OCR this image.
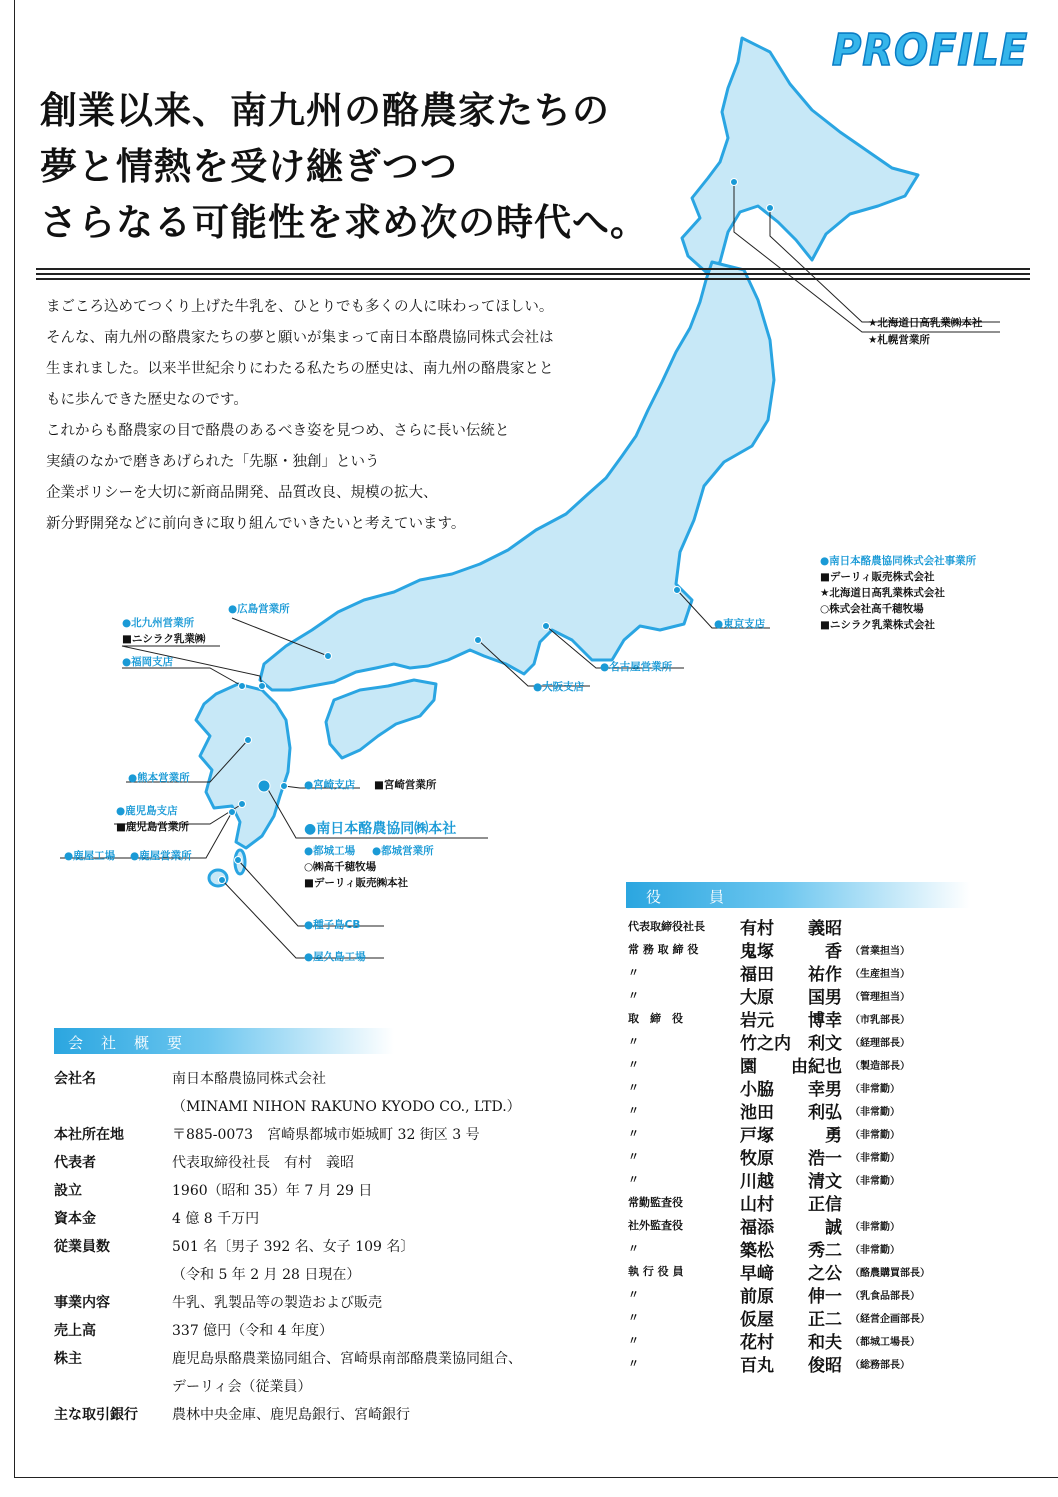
PROFILE
創業以来、南九州の酪農家たちの
夢と情熱を受け継ぎつつ
さらなる可能性を求め次の時代へ。
まごころ込めてつくり上げた牛乳を、ひとりでも多くの人に味わってほしい。
そんな、南九州の酪農家たちの夢と願いが集まって南日本酪農協同株式会社は
生まれました。以来半世紀余りにわたる私たちの歴史は、南九州の酪農家とと
もに歩んできた歴史なのです。
これからも酪農家の目で酪農のあるべき姿を見つめ、さらに長い伝統と
実績のなかで磨きあげられた「先駆・独創」という
企業ポリシーを大切に新商品開発、品質改良、規模の拡大、
新分野開発などに前向きに取り組んでいきたいと考えています。
★北海道日高乳業㈱本社
★札幌営業所
●南日本酪農協同株式会社事業所
■デーリィ販売株式会社
★北海道日高乳業株式会社
○株式会社高千穂牧場
■ニシラク乳業株式会社
●東京支店
●名古屋営業所
●大阪支店
●広島営業所
●北九州営業所
■ニシラク乳業㈱
●福岡支店
●熊本営業所
●宮崎支店 ■宮崎営業所
●南日本酪農協同㈱本社
●都城工場 ●都城営業所
○㈱高千穂牧場
■デーリィ販売㈱本社
●鹿児島支店
■鹿児島営業所
●鹿屋工場 ●鹿屋営業所
●種子島CB
●屋久島工場
役員
代表取締役社長 有村　　義昭
常 務 取 締 役 鬼塚　　　香 （営業担当）
〃	福田　　祐作 （生産担当）
〃	大原　　国男 （管理担当）
取　締　役	岩元　　博幸 （市乳部長）
〃	竹之内　利文 （経理部長）
〃	園　　由紀也 （製造部長）
〃	小脇　　幸男 （非常勤）
〃	池田　　利弘 （非常勤）
〃	戸塚　　　勇 （非常勤）
〃	牧原　　浩一 （非常勤）
〃	川越　　清文 （非常勤）
常勤監査役	山村　　正信
社外監査役	福添　　　誠 （非常勤）
〃	築松　　秀二 （非常勤）
執 行 役 員	早﨑　　之公 （酪農購買部長）
〃	前原　　伸一 （乳食品部長）
〃	仮屋　　正二 （経営企画部長）
〃	花村　　和夫 （都城工場長）
〃	百丸　　俊昭 （総務部長）
会社概要
会社名	南日本酪農協同株式会社
（MINAMI NIHON RAKUNO KYODO CO., LTD.）
本社所在地	〒885-0073　宮崎県都城市姫城町 32 街区 3 号
代表者	代表取締役社長　有村　義昭
設立	1960（昭和 35）年 7 月 29 日
資本金	4 億 8 千万円
従業員数	501 名〔男子 392 名、女子 109 名〕
（令和 5 年 2 月 28 日現在）
事業内容	牛乳、乳製品等の製造および販売
売上高	337 億円（令和 4 年度）
株主	鹿児島県酪農業協同組合、宮崎県南部酪農業協同組合、
デーリィ会（従業員）
主な取引銀行 農林中央金庫、鹿児島銀行、宮崎銀行
